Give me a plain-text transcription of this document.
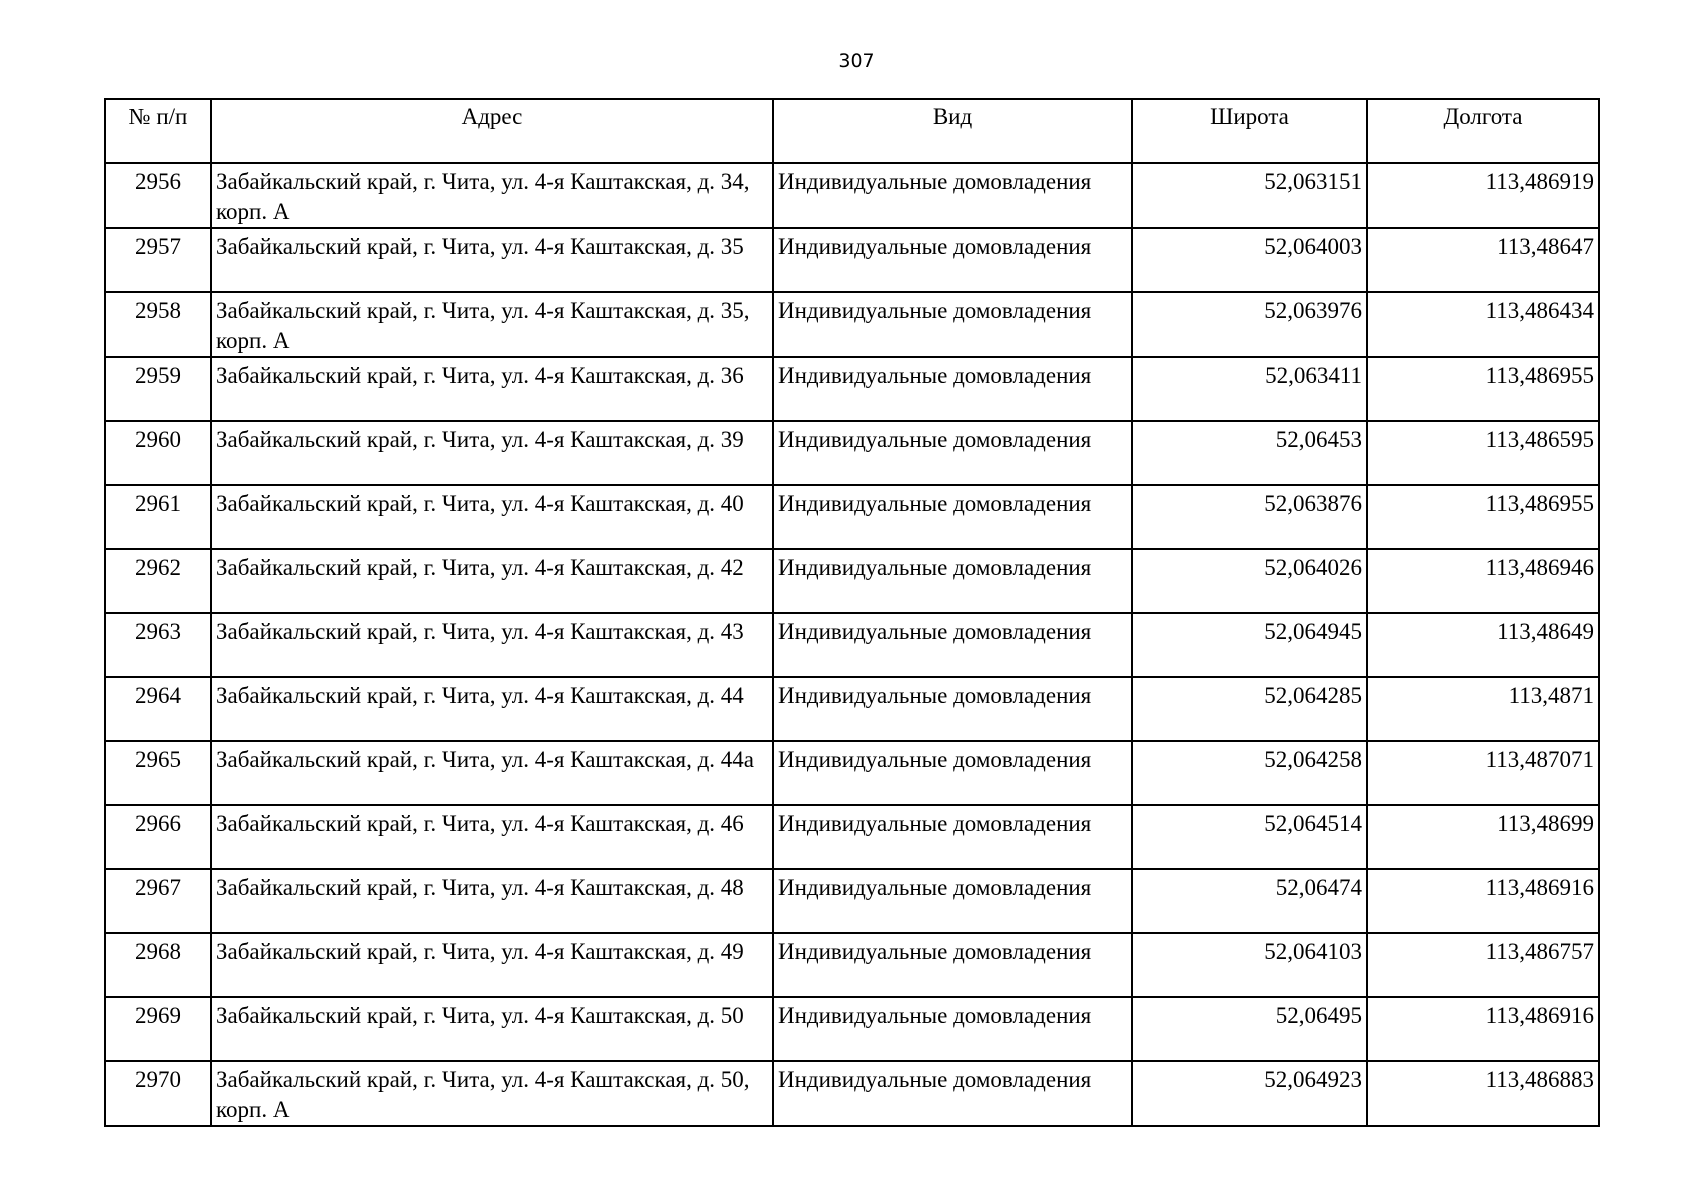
307
№ п/п	Адрес	Вид	Широта	Долгота
2956	Забайкальский край, г. Чита, ул. 4-я Каштакская, д. 34, корп. А	Индивидуальные домовладения	52,063151	113,486919
2957	Забайкальский край, г. Чита, ул. 4-я Каштакская, д. 35	Индивидуальные домовладения	52,064003	113,48647
2958	Забайкальский край, г. Чита, ул. 4-я Каштакская, д. 35, корп. А	Индивидуальные домовладения	52,063976	113,486434
2959	Забайкальский край, г. Чита, ул. 4-я Каштакская, д. 36	Индивидуальные домовладения	52,063411	113,486955
2960	Забайкальский край, г. Чита, ул. 4-я Каштакская, д. 39	Индивидуальные домовладения	52,06453	113,486595
2961	Забайкальский край, г. Чита, ул. 4-я Каштакская, д. 40	Индивидуальные домовладения	52,063876	113,486955
2962	Забайкальский край, г. Чита, ул. 4-я Каштакская, д. 42	Индивидуальные домовладения	52,064026	113,486946
2963	Забайкальский край, г. Чита, ул. 4-я Каштакская, д. 43	Индивидуальные домовладения	52,064945	113,48649
2964	Забайкальский край, г. Чита, ул. 4-я Каштакская, д. 44	Индивидуальные домовладения	52,064285	113,4871
2965	Забайкальский край, г. Чита, ул. 4-я Каштакская, д. 44а	Индивидуальные домовладения	52,064258	113,487071
2966	Забайкальский край, г. Чита, ул. 4-я Каштакская, д. 46	Индивидуальные домовладения	52,064514	113,48699
2967	Забайкальский край, г. Чита, ул. 4-я Каштакская, д. 48	Индивидуальные домовладения	52,06474	113,486916
2968	Забайкальский край, г. Чита, ул. 4-я Каштакская, д. 49	Индивидуальные домовладения	52,064103	113,486757
2969	Забайкальский край, г. Чита, ул. 4-я Каштакская, д. 50	Индивидуальные домовладения	52,06495	113,486916
2970	Забайкальский край, г. Чита, ул. 4-я Каштакская, д. 50, корп. А	Индивидуальные домовладения	52,064923	113,486883
